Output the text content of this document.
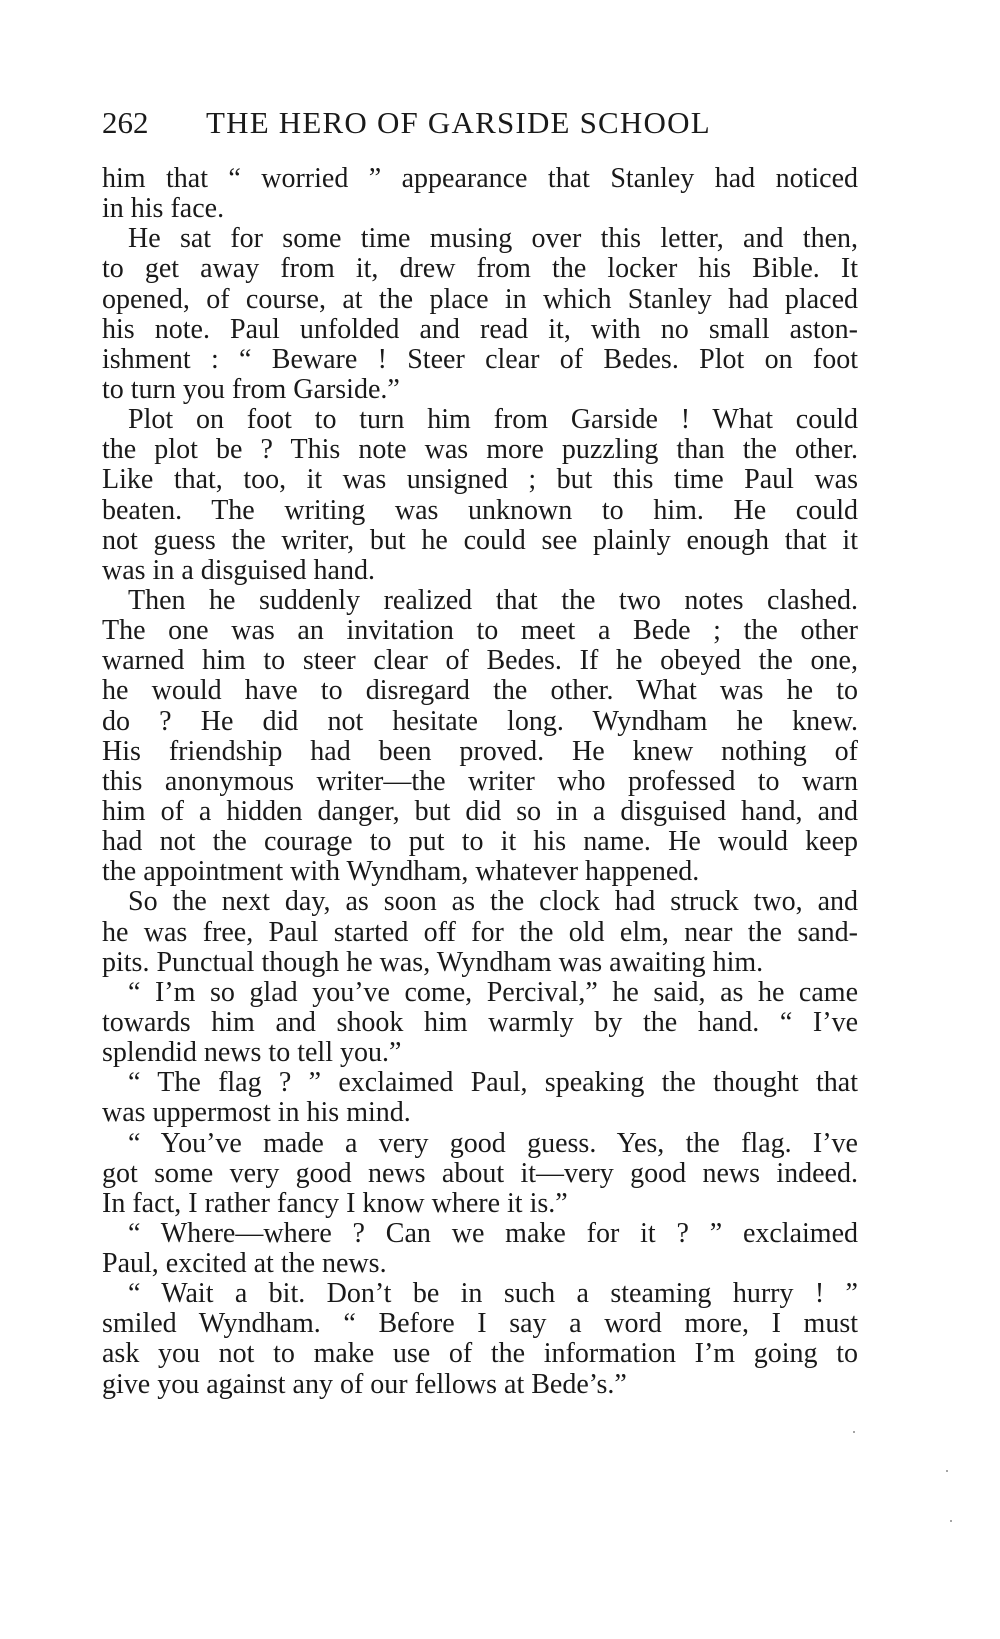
262 THE HERO OF GARSIDE SCHOOL
him that “ worried ” appearance that Stanley had noticed
in his face.
He sat for some time musing over this letter, and then,
to get away from it, drew from the locker his Bible. It
opened, of course, at the place in which Stanley had placed
his note. Paul unfolded and read it, with no small aston-
ishment : “ Beware ! Steer clear of Bedes. Plot on foot
to turn you from Garside.”
Plot on foot to turn him from Garside ! What could
the plot be ? This note was more puzzling than the other.
Like that, too, it was unsigned ; but this time Paul was
beaten. The writing was unknown to him. He could
not guess the writer, but he could see plainly enough that it
was in a disguised hand.
Then he suddenly realized that the two notes clashed.
The one was an invitation to meet a Bede ; the other
warned him to steer clear of Bedes. If he obeyed the one,
he would have to disregard the other. What was he to
do ? He did not hesitate long. Wyndham he knew.
His friendship had been proved. He knew nothing of
this anonymous writer—the writer who professed to warn
him of a hidden danger, but did so in a disguised hand, and
had not the courage to put to it his name. He would keep
the appointment with Wyndham, whatever happened.
So the next day, as soon as the clock had struck two, and
he was free, Paul started off for the old elm, near the sand-
pits. Punctual though he was, Wyndham was awaiting him.
“ I’m so glad you’ve come, Percival,” he said, as he came
towards him and shook him warmly by the hand. “ I’ve
splendid news to tell you.”
“ The flag ? ” exclaimed Paul, speaking the thought that
was uppermost in his mind.
“ You’ve made a very good guess. Yes, the flag. I’ve
got some very good news about it—very good news indeed.
In fact, I rather fancy I know where it is.”
“ Where—where ? Can we make for it ? ” exclaimed
Paul, excited at the news.
“ Wait a bit. Don’t be in such a steaming hurry ! ”
smiled Wyndham. “ Before I say a word more, I must
ask you not to make use of the information I’m going to
give you against any of our fellows at Bede’s.”
